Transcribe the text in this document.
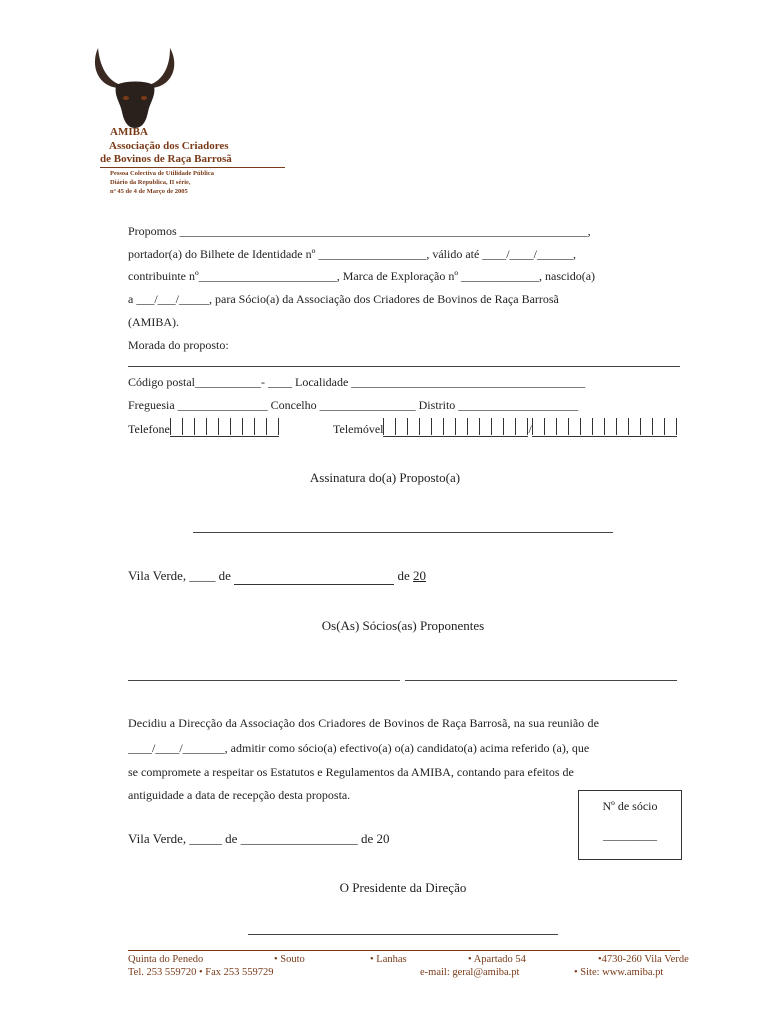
AMIBA
Associação dos Criadores
de Bovinos de Raça Barrosã
Pessoa Colectiva de Utilidade Pública
Diário da Republica, II série,
nº 45 de 4 de Março de 2005
Propomos ____________________________________________________________________,
portador(a) do Bilhete de Identidade nº __________________, válido até ____/____/______,
contribuinte nº_______________________, Marca de Exploração nº _____________, nascido(a)
a ___/___/_____, para Sócio(a) da Associação dos Criadores de Bovinos de Raça Barrosã
(AMIBA).
Morada do proposto:
Código postal___________- ____ Localidade _______________________________________
Freguesia _______________ Concelho ________________ Distrito ____________________
Telefone	Telemóvel	/
Assinatura do(a) Proposto(a)
Vila Verde, ____ de	de 20
Os(As) Sócios(as) Proponentes
Decidiu a Direcção da Associação dos Criadores de Bovinos de Raça Barrosã, na sua reunião de
____/____/_______, admitir como sócio(a) efectivo(a) o(a) candidato(a) acima referido (a), que
se compromete a respeitar os Estatutos e Regulamentos da AMIBA, contando para efeitos de
antiguidade a data de recepção desta proposta.
Nº de sócio
_________
Vila Verde, _____ de __________________ de 20
O Presidente da Direção
Quinta do Penedo	• Souto	• Lanhas	• Apartado 54	•4730-260 Vila Verde
Tel. 253 559720 • Fax 253 559729	e-mail: geral@amiba.pt	• Site: www.amiba.pt
